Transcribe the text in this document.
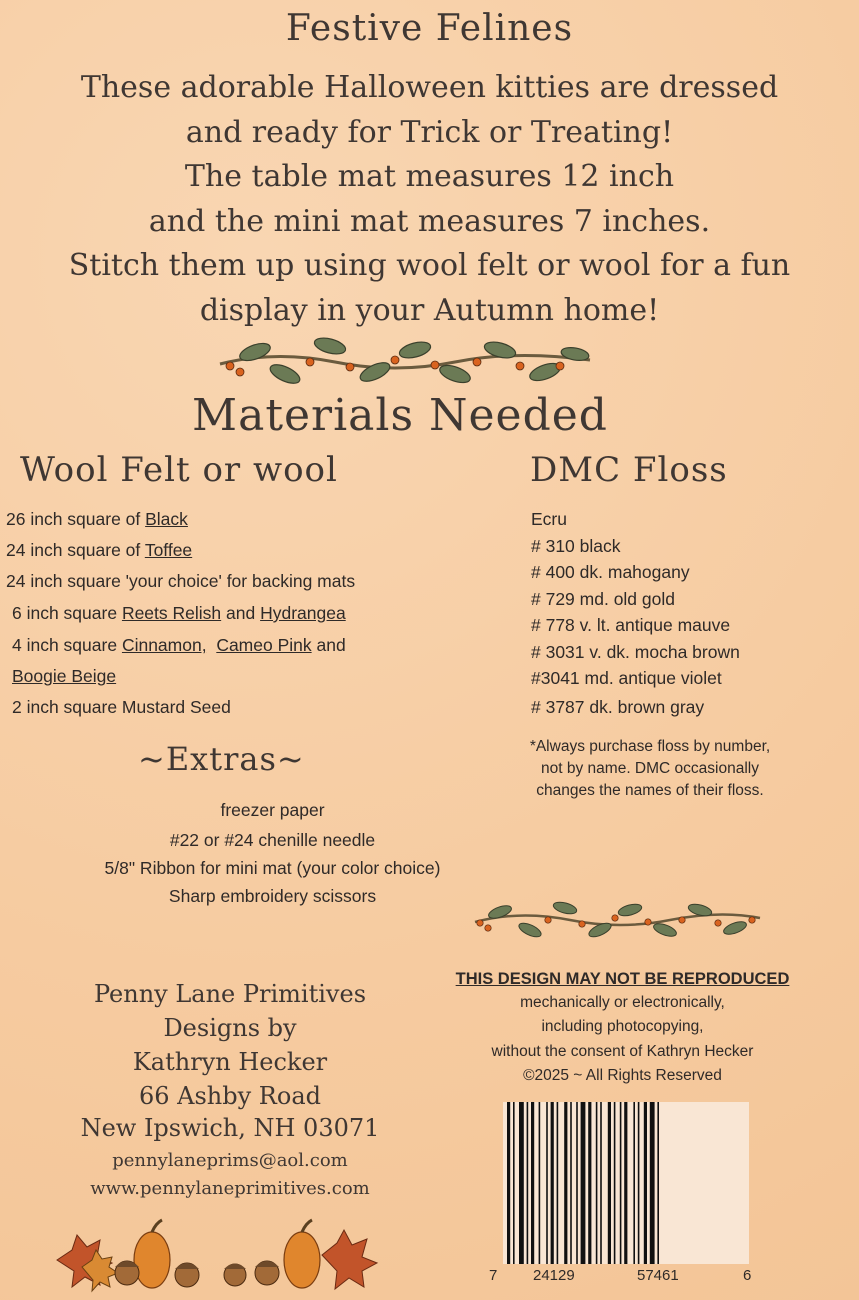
Festive Felines
These adorable Halloween kitties are dressed
and ready for Trick or Treating!
The table mat measures 12 inch
and the mini mat measures 7 inches.
Stitch them up using wool felt or wool for a fun
display in your Autumn home!
Materials Needed
Wool Felt or wool	DMC Floss
26 inch square of Black
24 inch square of Toffee
24 inch square 'your choice' for backing mats
6 inch square Reets Relish and Hydrangea
4 inch square Cinnamon, Cameo Pink and
Boogie Beige
2 inch square Mustard Seed
Ecru
# 310 black
# 400 dk. mahogany
# 729 md. old gold
# 778 v. lt. antique mauve
# 3031 v. dk. mocha brown
#3041 md. antique violet
# 3787 dk. brown gray
*Always purchase floss by number,
not by name. DMC occasionally
changes the names of their floss.
~Extras~
freezer paper
#22 or #24 chenille needle
5/8" Ribbon for mini mat (your color choice)
Sharp embroidery scissors
THIS DESIGN MAY NOT BE REPRODUCED
mechanically or electronically,
including photocopying,
without the consent of Kathryn Hecker
©2025 ~ All Rights Reserved
Penny Lane Primitives
Designs by
Kathryn Hecker
66 Ashby Road
New Ipswich, NH 03071
pennylaneprims@aol.com
www.pennylaneprimitives.com
7 24129	57461	6
